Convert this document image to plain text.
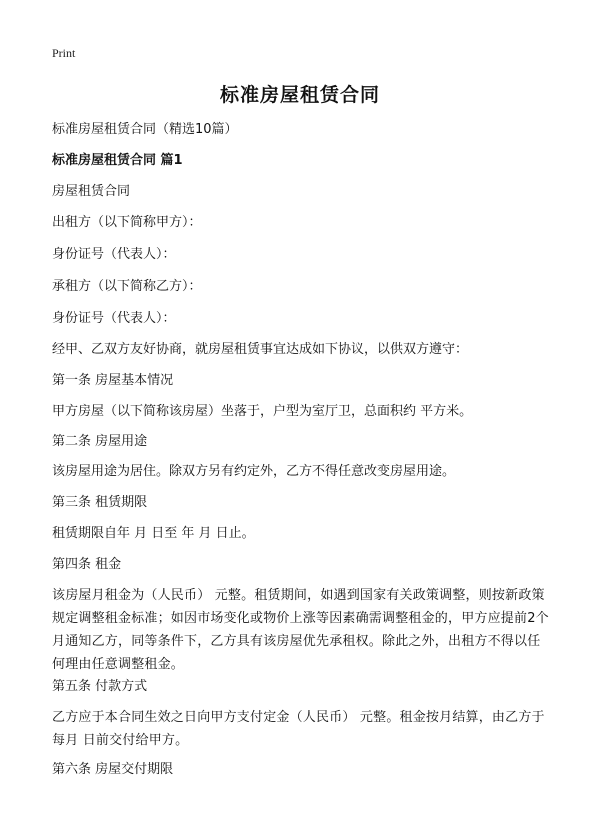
Print
标准房屋租赁合同
标准房屋租赁合同（精选10篇）
标准房屋租赁合同 篇1
房屋租赁合同
出租方（以下简称甲方）：
身份证号（代表人）：
承租方（以下简称乙方）：
身份证号（代表人）：
经甲、乙双方友好协商，就房屋租赁事宜达成如下协议，以供双方遵守：
第一条 房屋基本情况
甲方房屋（以下简称该房屋）坐落于，户型为室厅卫，总面积约 平方米。
第二条 房屋用途
该房屋用途为居住。除双方另有约定外，乙方不得任意改变房屋用途。
第三条 租赁期限
租赁期限自年 月 日至 年 月 日止。
第四条 租金
该房屋月租金为（人民币） 元整。租赁期间，如遇到国家有关政策调整，则按新政策规定调整租金标准；如因市场变化或物价上涨等因素确需调整租金的，甲方应提前2个月通知乙方，同等条件下，乙方具有该房屋优先承租权。除此之外，出租方不得以任何理由任意调整租金。
第五条 付款方式
乙方应于本合同生效之日向甲方支付定金（人民币） 元整。租金按月结算，由乙方于每月 日前交付给甲方。
第六条 房屋交付期限
